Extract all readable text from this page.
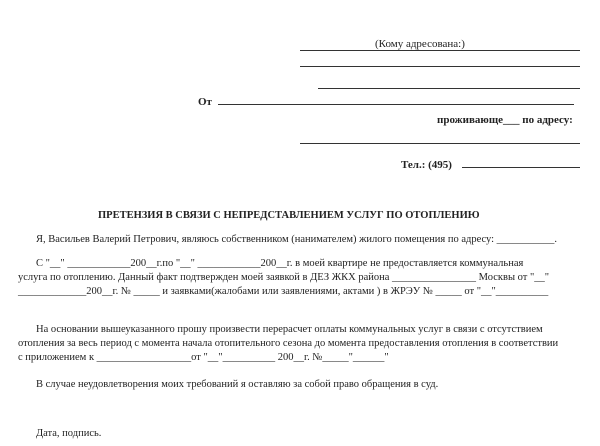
(Кому адресована:)
От
проживающе___ по адресу:
Тел.: (495)
ПРЕТЕНЗИЯ В СВЯЗИ С НЕПРЕДСТАВЛЕНИЕМ УСЛУГ ПО ОТОПЛЕНИЮ
Я, Васильев Валерий Петрович, являюсь собственником (нанимателем) жилого помещения по адресу: ___________.
С "__" ____________200__г.по "__" ____________200__г. в моей квартире не предоставляется коммунальная
услуга по отоплению. Данный факт подтвержден моей заявкой в ДЕЗ ЖКХ района ________________ Москвы от "__"
_____________200__г. № _____ и заявками(жалобами или заявлениями, актами ) в ЖРЭУ № _____ от "__"__________
На основании вышеуказанного прошу произвести перерасчет оплаты коммунальных услуг в связи с отсутствием
отопления за весь период с момента начала отопительного сезона до момента предоставления отопления в соответствии
с приложением к __________________от "__"__________ 200__г. №_____"______"
В случае неудовлетворения моих требований я оставляю за собой право обращения в суд.
Дата, подпись.
